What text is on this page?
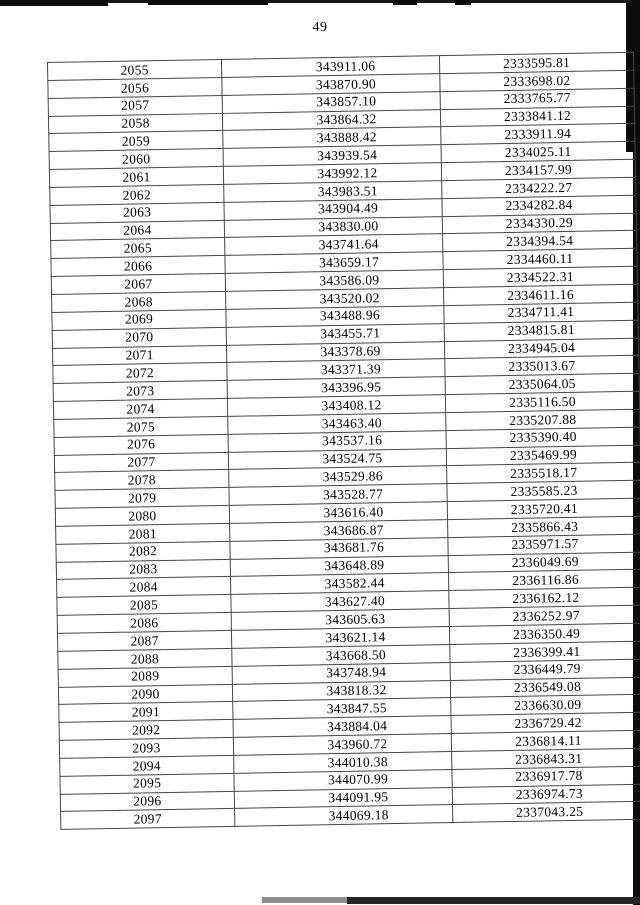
49
2055	343911.06	2333595.81
2056	343870.90	2333698.02
2057	343857.10	2333765.77
2058	343864.32	2333841.12
2059	343888.42	2333911.94
2060	343939.54	2334025.11
2061	343992.12	2334157.99
2062	343983.51	2334222.27
2063	343904.49	2334282.84
2064	343830.00	2334330.29
2065	343741.64	2334394.54
2066	343659.17	2334460.11
2067	343586.09	2334522.31
2068	343520.02	2334611.16
2069	343488.96	2334711.41
2070	343455.71	2334815.81
2071	343378.69	2334945.04
2072	343371.39	2335013.67
2073	343396.95	2335064.05
2074	343408.12	2335116.50
2075	343463.40	2335207.88
2076	343537.16	2335390.40
2077	343524.75	2335469.99
2078	343529.86	2335518.17
2079	343528.77	2335585.23
2080	343616.40	2335720.41
2081	343686.87	2335866.43
2082	343681.76	2335971.57
2083	343648.89	2336049.69
2084	343582.44	2336116.86
2085	343627.40	2336162.12
2086	343605.63	2336252.97
2087	343621.14	2336350.49
2088	343668.50	2336399.41
2089	343748.94	2336449.79
2090	343818.32	2336549.08
2091	343847.55	2336630.09
2092	343884.04	2336729.42
2093	343960.72	2336814.11
2094	344010.38	2336843.31
2095	344070.99	2336917.78
2096	344091.95	2336974.73
2097	344069.18	2337043.25
